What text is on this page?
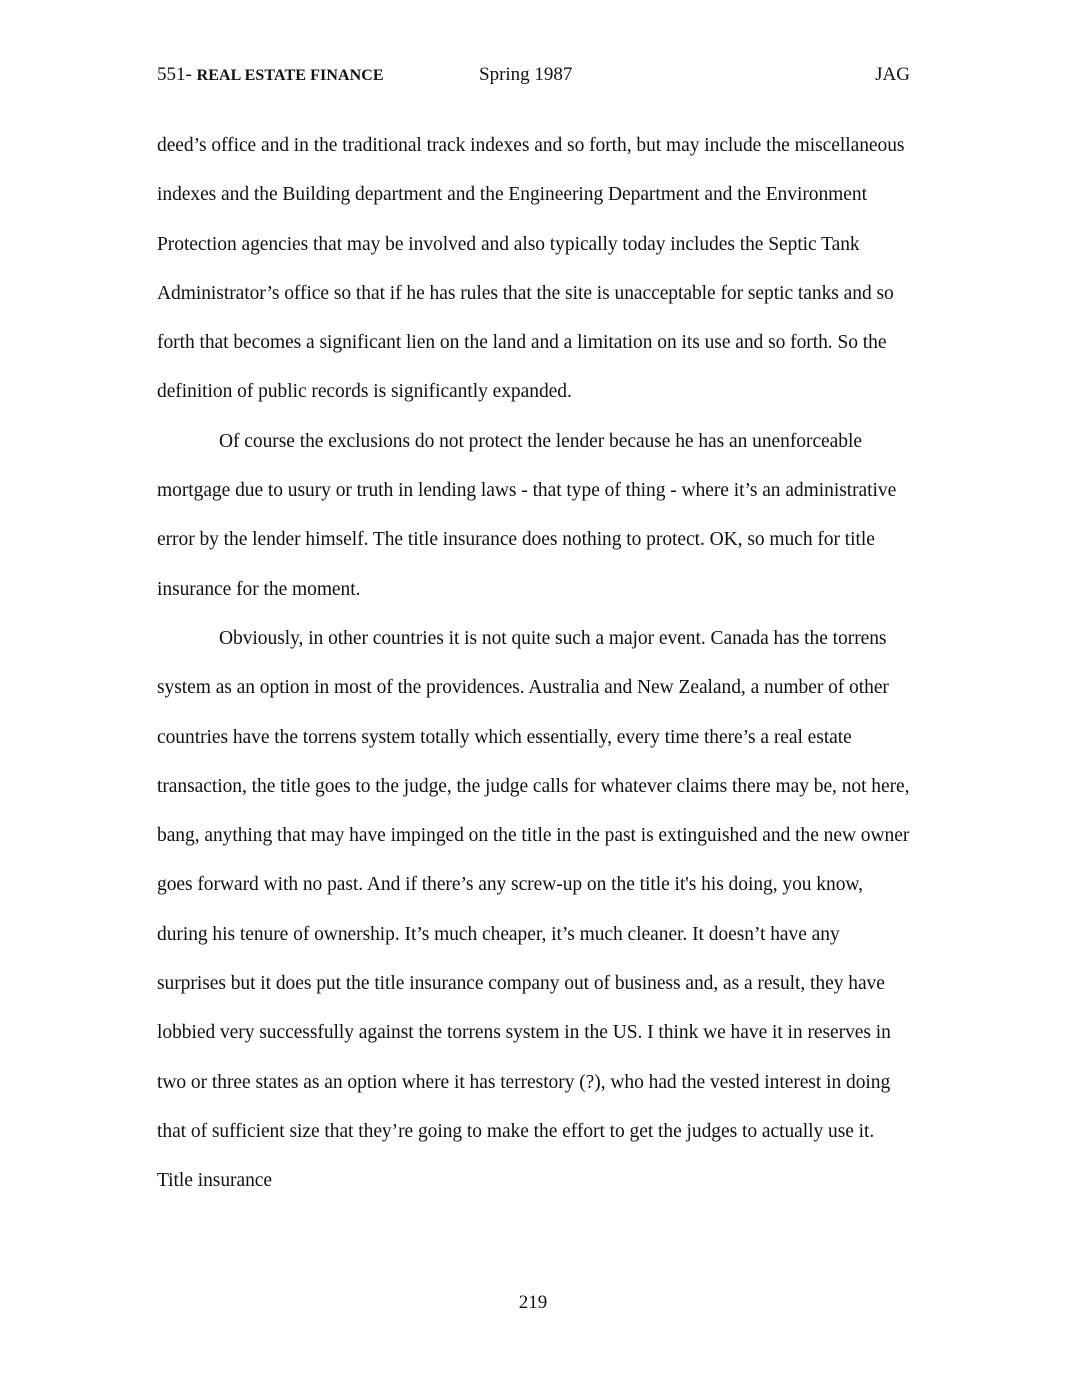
551- REAL ESTATE FINANCE	Spring 1987	JAG

deed’s office and in the traditional track indexes and so forth, but may include the miscellaneous indexes and the Building department and the Engineering Department and the Environment Protection agencies that may be involved and also typically today includes the Septic Tank Administrator’s office so that if he has rules that the site is unacceptable for septic tanks and so forth that becomes a significant lien on the land and a limitation on its use and so forth. So the definition of public records is significantly expanded.

Of course the exclusions do not protect the lender because he has an unenforceable mortgage due to usury or truth in lending laws - that type of thing - where it’s an administrative error by the lender himself. The title insurance does nothing to protect. OK, so much for title insurance for the moment.

Obviously, in other countries it is not quite such a major event. Canada has the torrens system as an option in most of the providences. Australia and New Zealand, a number of other countries have the torrens system totally which essentially, every time there’s a real estate transaction, the title goes to the judge, the judge calls for whatever claims there may be, not here, bang, anything that may have impinged on the title in the past is extinguished and the new owner goes forward with no past. And if there’s any screw-up on the title it's his doing, you know, during his tenure of ownership. It’s much cheaper, it’s much cleaner. It doesn’t have any surprises but it does put the title insurance company out of business and, as a result, they have lobbied very successfully against the torrens system in the US. I think we have it in reserves in two or three states as an option where it has terrestory (?), who had the vested interest in doing that of sufficient size that they’re going to make the effort to get the judges to actually use it. Title insurance

219
